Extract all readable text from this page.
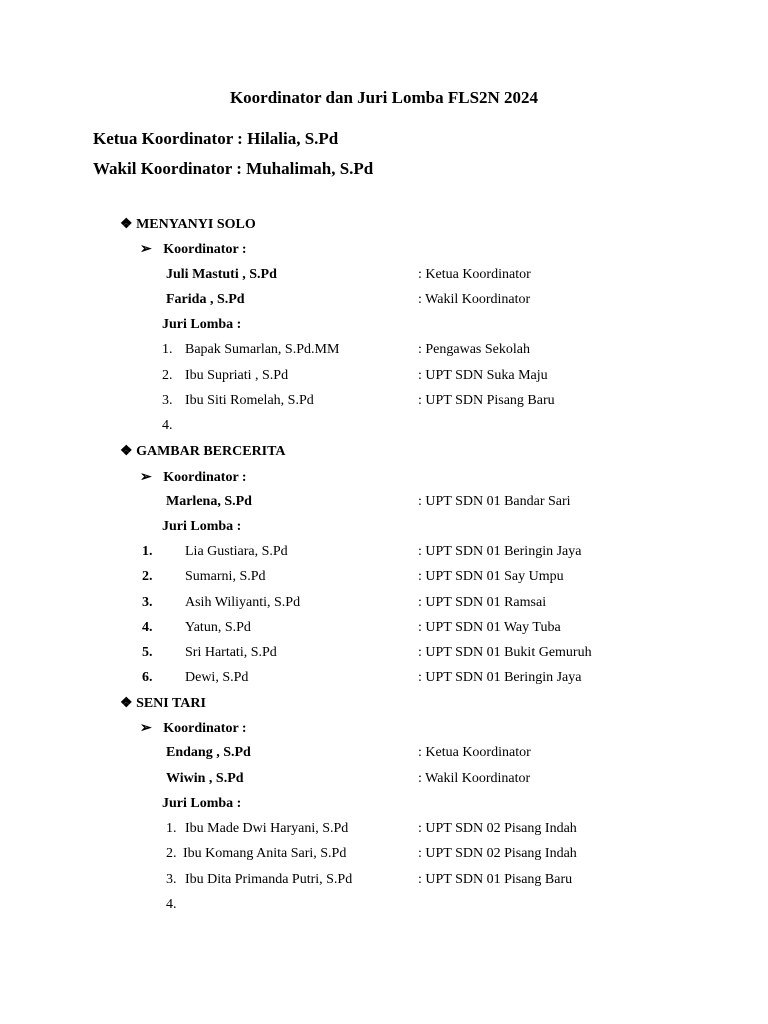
Koordinator dan Juri Lomba FLS2N 2024
Ketua Koordinator : Hilalia, S.Pd
Wakil Koordinator : Muhalimah, S.Pd
❖ MENYANYI SOLO
➢ Koordinator :
Juli Mastuti , S.Pd	: Ketua Koordinator
Farida , S.Pd	: Wakil Koordinator
Juri Lomba :
1. Bapak Sumarlan, S.Pd.MM	: Pengawas Sekolah
2. Ibu Supriati , S.Pd	: UPT SDN Suka Maju
3. Ibu Siti Romelah, S.Pd	: UPT SDN Pisang Baru
4.
❖ GAMBAR BERCERITA
➢ Koordinator :
Marlena, S.Pd	: UPT SDN 01 Bandar Sari
Juri Lomba :
1. Lia Gustiara, S.Pd	: UPT SDN 01 Beringin Jaya
2. Sumarni, S.Pd	: UPT SDN 01 Say Umpu
3. Asih Wiliyanti, S.Pd	: UPT SDN 01 Ramsai
4. Yatun, S.Pd	: UPT SDN 01 Way Tuba
5. Sri Hartati, S.Pd	: UPT SDN 01 Bukit Gemuruh
6. Dewi, S.Pd	: UPT SDN 01 Beringin Jaya
❖ SENI TARI
➢ Koordinator :
Endang , S.Pd	: Ketua Koordinator
Wiwin , S.Pd	: Wakil Koordinator
Juri Lomba :
1. Ibu Made Dwi Haryani, S.Pd	: UPT SDN 02 Pisang Indah
2. Ibu Komang Anita Sari, S.Pd	: UPT SDN 02 Pisang Indah
3. Ibu Dita Primanda Putri, S.Pd	: UPT SDN 01 Pisang Baru
4.
